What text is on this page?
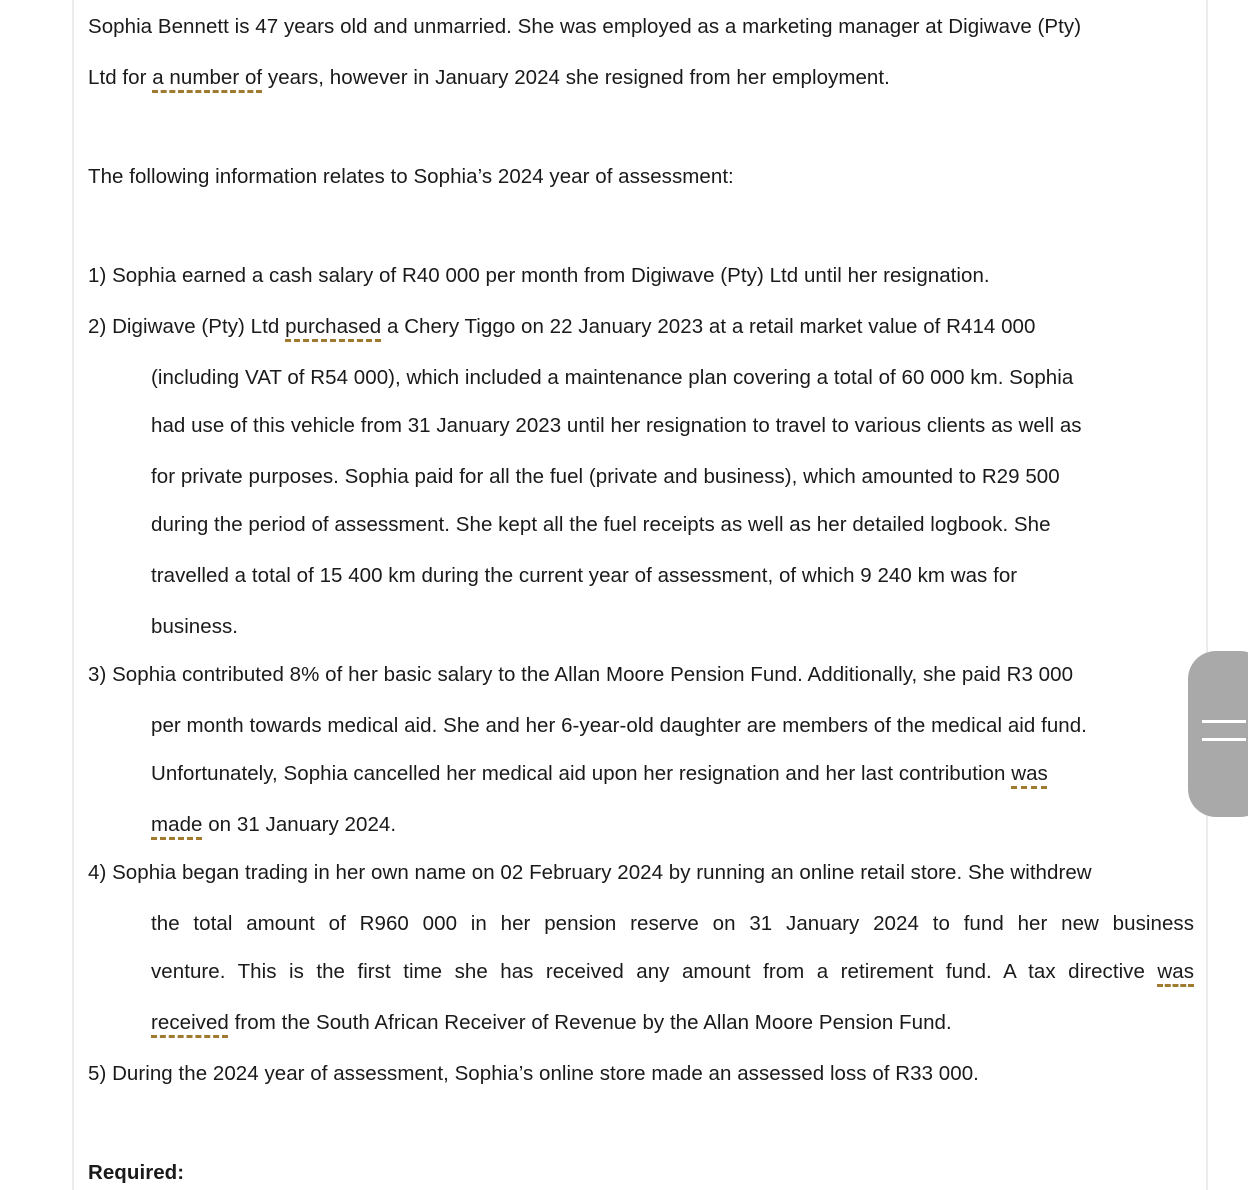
Sophia Bennett is 47 years old and unmarried. She was employed as a marketing manager at Digiwave (Pty)
Ltd for a number of years, however in January 2024 she resigned from her employment.
The following information relates to Sophia’s 2024 year of assessment:
1) Sophia earned a cash salary of R40 000 per month from Digiwave (Pty) Ltd until her resignation.
2) Digiwave (Pty) Ltd purchased a Chery Tiggo on 22 January 2023 at a retail market value of R414 000
(including VAT of R54 000), which included a maintenance plan covering a total of 60 000 km. Sophia
had use of this vehicle from 31 January 2023 until her resignation to travel to various clients as well as
for private purposes. Sophia paid for all the fuel (private and business), which amounted to R29 500
during the period of assessment. She kept all the fuel receipts as well as her detailed logbook. She
travelled a total of 15 400 km during the current year of assessment, of which 9 240 km was for
business.
3) Sophia contributed 8% of her basic salary to the Allan Moore Pension Fund. Additionally, she paid R3 000
per month towards medical aid. She and her 6-year-old daughter are members of the medical aid fund.
Unfortunately, Sophia cancelled her medical aid upon her resignation and her last contribution was
made on 31 January 2024.
4) Sophia began trading in her own name on 02 February 2024 by running an online retail store. She withdrew
the total amount of R960 000 in her pension reserve on 31 January 2024 to fund her new business
venture. This is the first time she has received any amount from a retirement fund. A tax directive was
received from the South African Receiver of Revenue by the Allan Moore Pension Fund.
5) During the 2024 year of assessment, Sophia’s online store made an assessed loss of R33 000.
Required:
